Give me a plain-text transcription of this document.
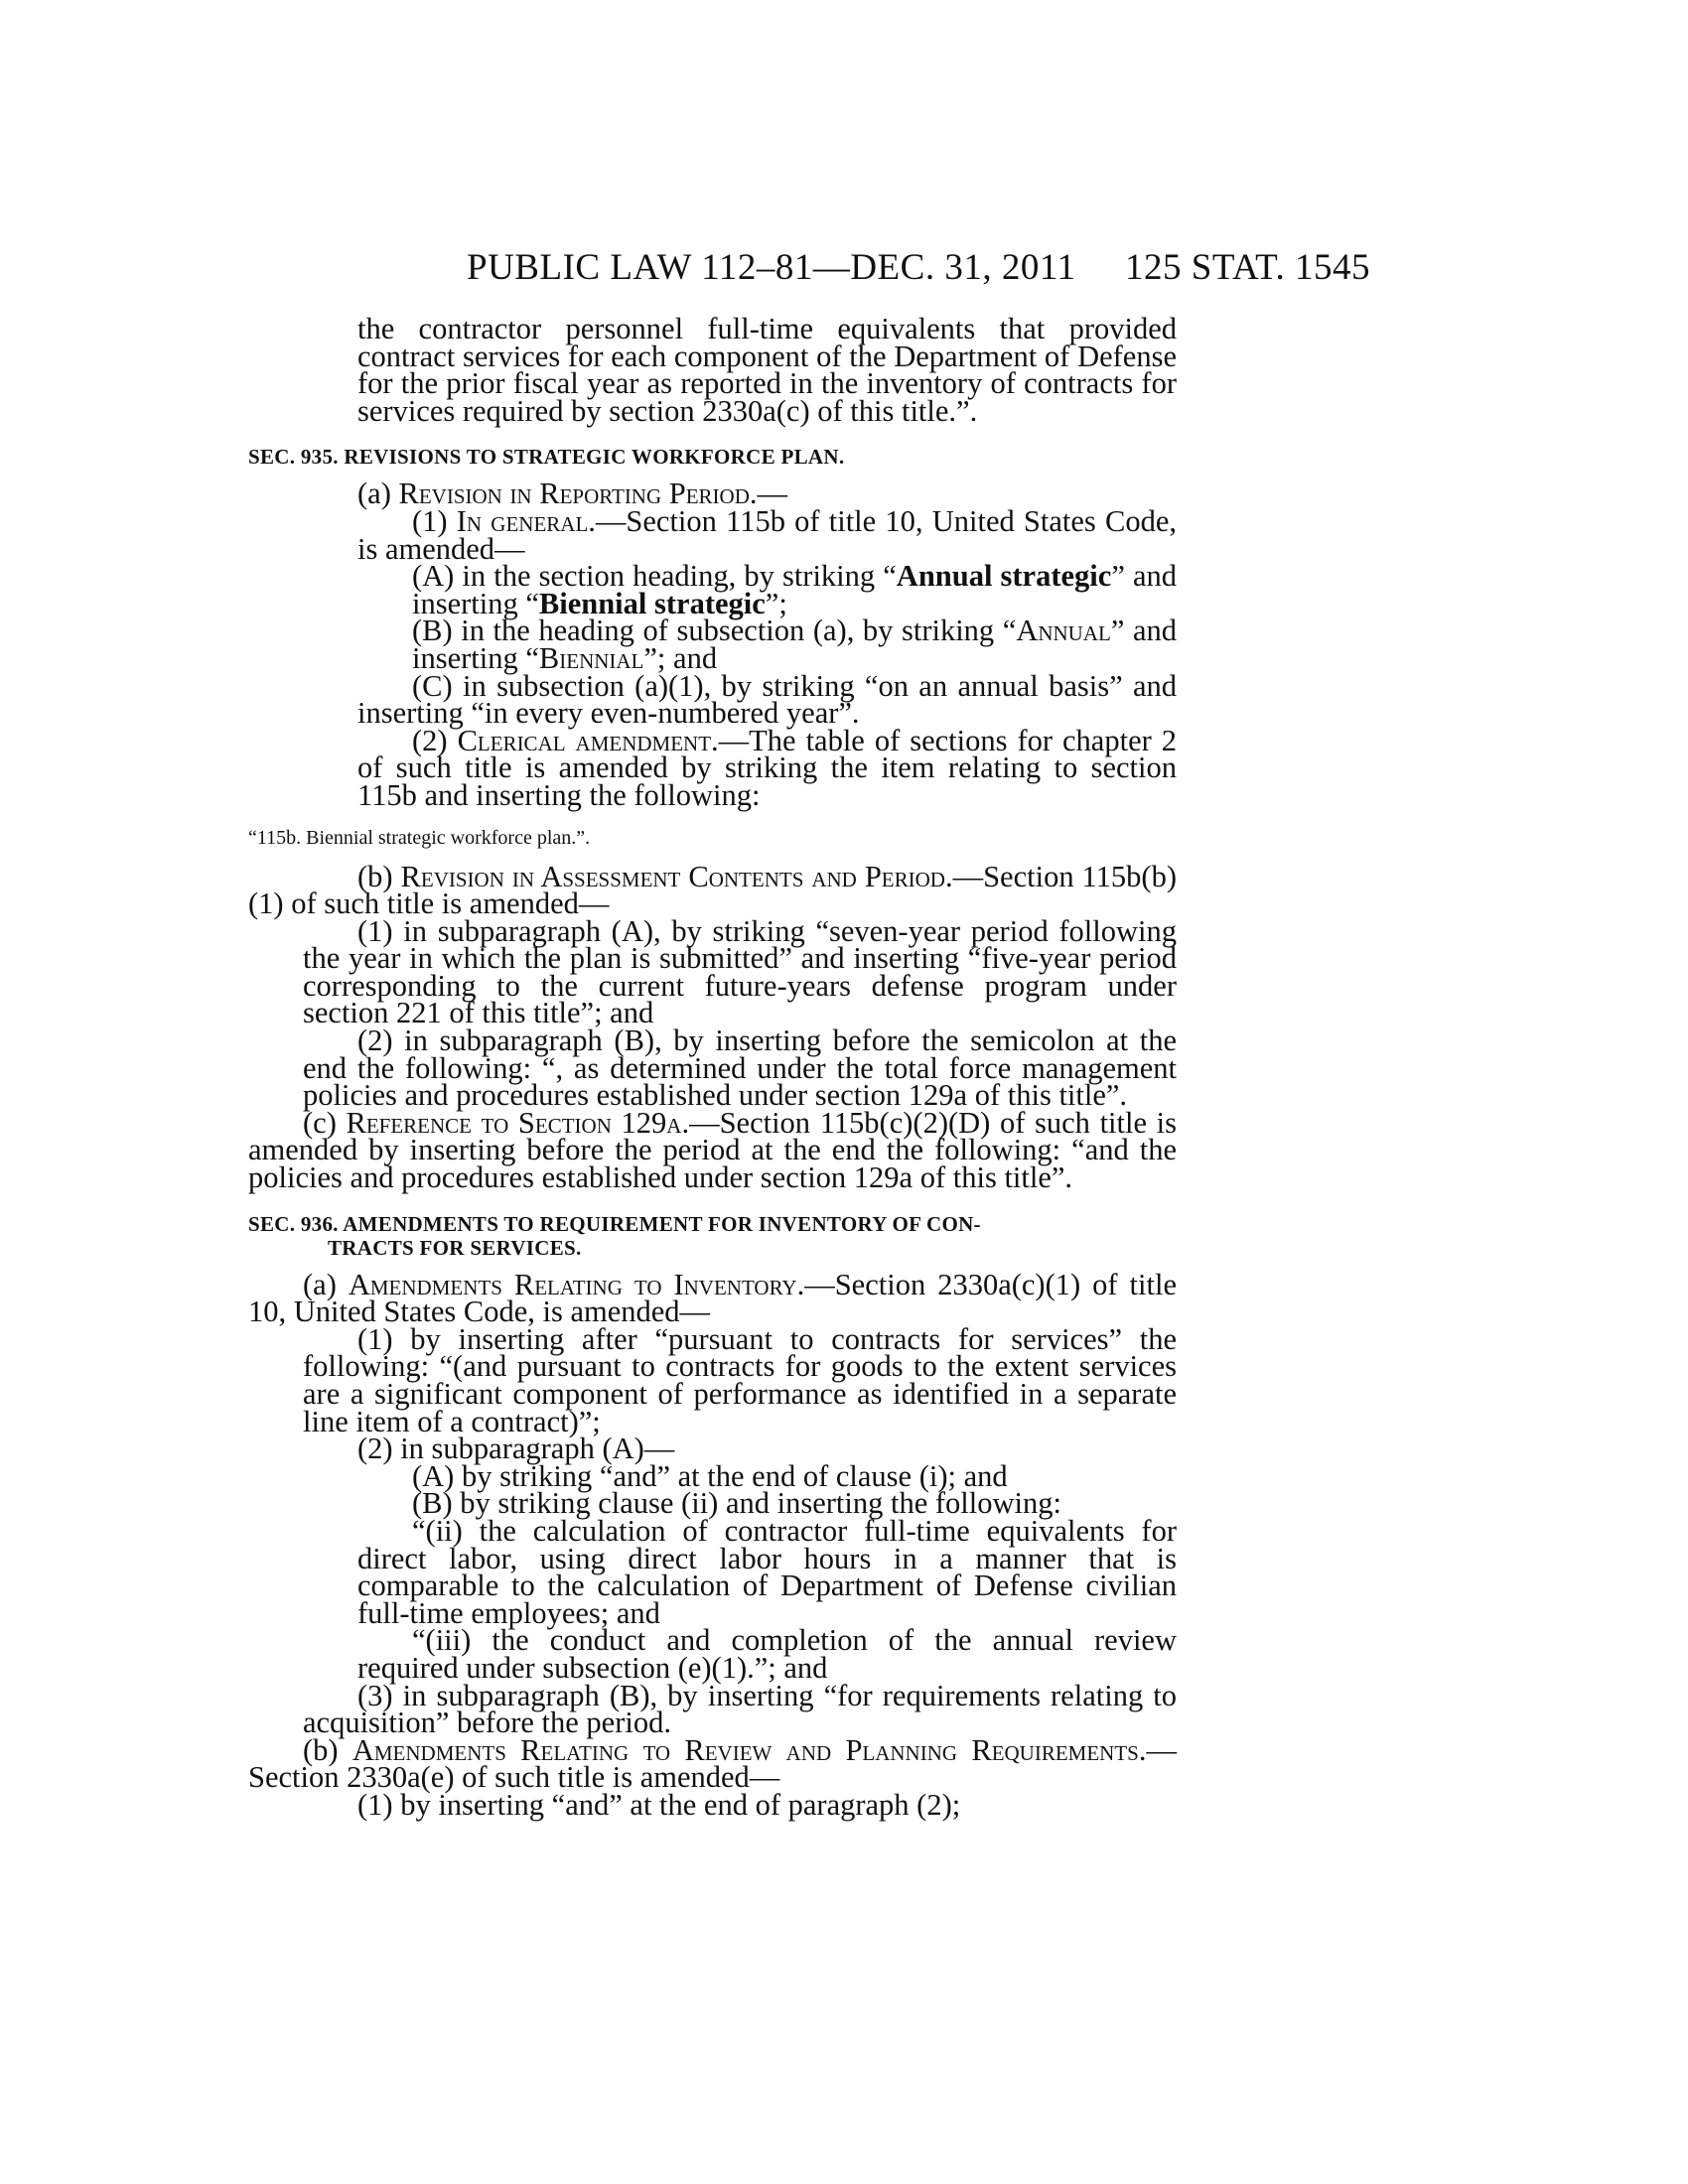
PUBLIC LAW 112–81—DEC. 31, 2011 125 STAT. 1545

the contractor personnel full-time equivalents that provided contract services for each component of the Department of Defense for the prior fiscal year as reported in the inventory of contracts for services required by section 2330a(c) of this title.”.

SEC. 935. REVISIONS TO STRATEGIC WORKFORCE PLAN.

(a) Revision in Reporting Period.—

(1) In general.—Section 115b of title 10, United States Code, is amended—

(A) in the section heading, by striking “Annual strategic” and inserting “Biennial strategic”;

(B) in the heading of subsection (a), by striking “Annual” and inserting “Biennial”; and

(C) in subsection (a)(1), by striking “on an annual basis” and inserting “in every even-numbered year”.

(2) Clerical amendment.—The table of sections for chapter 2 of such title is amended by striking the item relating to section 115b and inserting the following:

“115b. Biennial strategic workforce plan.”.

(b) Revision in Assessment Contents and Period.—Section 115b(b)(1) of such title is amended—

(1) in subparagraph (A), by striking “seven-year period following the year in which the plan is submitted” and inserting “five-year period corresponding to the current future-years defense program under section 221 of this title”; and

(2) in subparagraph (B), by inserting before the semicolon at the end the following: “, as determined under the total force management policies and procedures established under section 129a of this title”.

(c) Reference to Section 129a.—Section 115b(c)(2)(D) of such title is amended by inserting before the period at the end the following: “and the policies and procedures established under section 129a of this title”.

SEC. 936. AMENDMENTS TO REQUIREMENT FOR INVENTORY OF CON-
TRACTS FOR SERVICES.

(a) Amendments Relating to Inventory.—Section 2330a(c)(1) of title 10, United States Code, is amended—

(1) by inserting after “pursuant to contracts for services” the following: “(and pursuant to contracts for goods to the extent services are a significant component of performance as identified in a separate line item of a contract)”;

(2) in subparagraph (A)—

(A) by striking “and” at the end of clause (i); and

(B) by striking clause (ii) and inserting the following:

“(ii) the calculation of contractor full-time equivalents for direct labor, using direct labor hours in a manner that is comparable to the calculation of Department of Defense civilian full-time employees; and

“(iii) the conduct and completion of the annual review required under subsection (e)(1).”; and

(3) in subparagraph (B), by inserting “for requirements relating to acquisition” before the period.

(b) Amendments Relating to Review and Planning Requirements.—Section 2330a(e) of such title is amended—

(1) by inserting “and” at the end of paragraph (2);
